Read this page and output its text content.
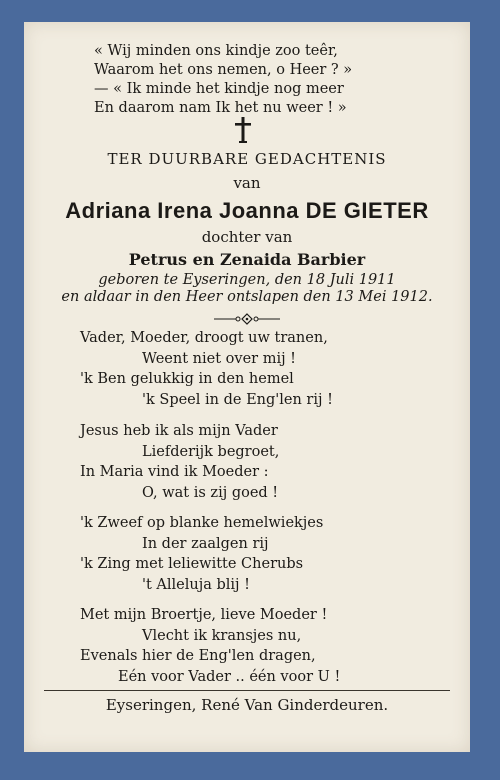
« Wij minden ons kindje zoo teêr,
Waarom het ons nemen, o Heer ? »
— « Ik minde het kindje nog meer
En daarom nam Ik het nu weer ! »
TER DUURBARE GEDACHTENIS
van
Adriana Irena Joanna DE GIETER
dochter van
Petrus en Zenaida Barbier
geboren te Eyseringen, den 18 Juli 1911
en aldaar in den Heer ontslapen den 13 Mei 1912.
Vader, Moeder, droogt uw tranen,
Weent niet over mij !
'k Ben gelukkig in den hemel
'k Speel in de Eng'len rij !
Jesus heb ik als mijn Vader
Liefderijk begroet,
In Maria vind ik Moeder :
O, wat is zij goed !
'k Zweef op blanke hemelwiekjes
In der zaalgen rij
'k Zing met leliewitte Cherubs
't Alleluja blij !
Met mijn Broertje, lieve Moeder !
Vlecht ik kransjes nu,
Evenals hier de Eng'len dragen,
Eén voor Vader .. één voor U !
Eyseringen, René Van Ginderdeuren.
